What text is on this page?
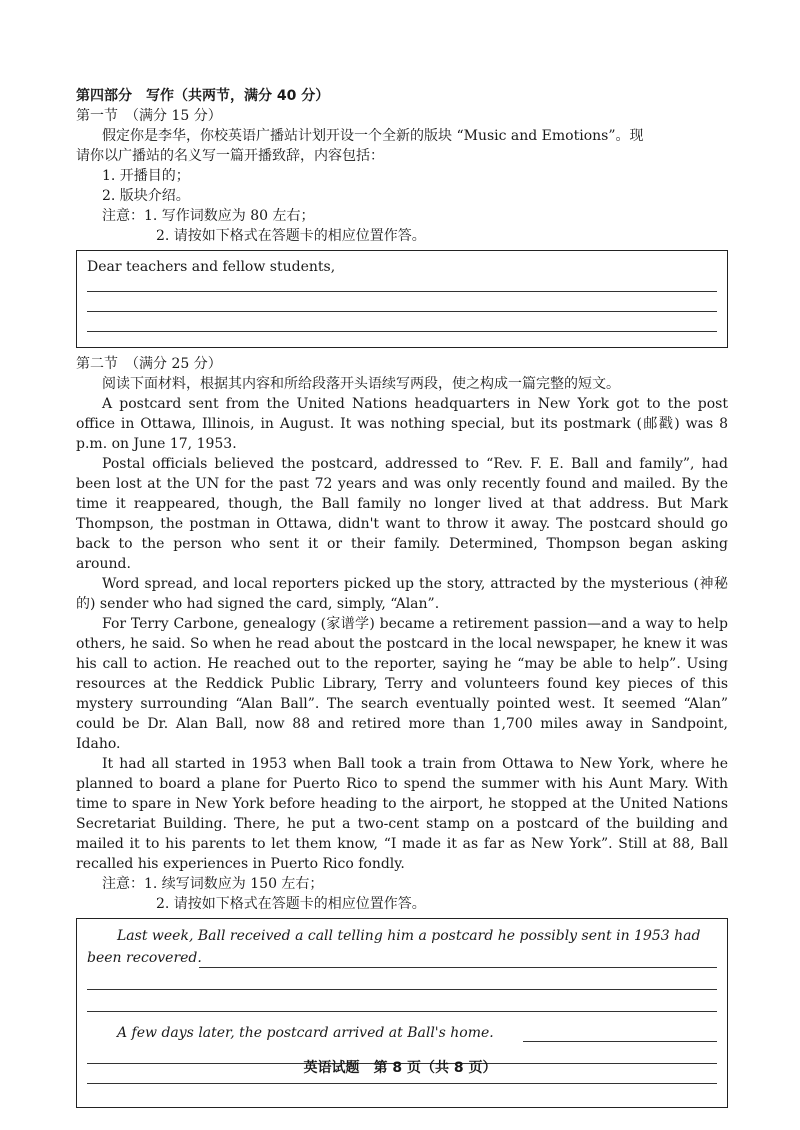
第四部分　写作（共两节，满分 40 分）
第一节　（满分 15 分）
假定你是李华，你校英语广播站计划开设一个全新的版块 “Music and Emotions”。现
请你以广播站的名义写一篇开播致辞，内容包括：
1. 开播目的；
2. 版块介绍。
注意：1. 写作词数应为 80 左右；
2. 请按如下格式在答题卡的相应位置作答。
Dear teachers and fellow students,
第二节　（满分 25 分）
阅读下面材料，根据其内容和所给段落开头语续写两段，使之构成一篇完整的短文。
A postcard sent from the United Nations headquarters in New York got to the post office in Ottawa, Illinois, in August. It was nothing special, but its postmark (邮戳) was 8 p.m. on June 17, 1953.
Postal officials believed the postcard, addressed to “Rev. F. E. Ball and family”, had been lost at the UN for the past 72 years and was only recently found and mailed. By the time it reappeared, though, the Ball family no longer lived at that address. But Mark Thompson, the postman in Ottawa, didn't want to throw it away. The postcard should go back to the person who sent it or their family. Determined, Thompson began asking around.
Word spread, and local reporters picked up the story, attracted by the mysterious (神秘的) sender who had signed the card, simply, “Alan”.
For Terry Carbone, genealogy (家谱学) became a retirement passion—and a way to help others, he said. So when he read about the postcard in the local newspaper, he knew it was his call to action. He reached out to the reporter, saying he “may be able to help”. Using resources at the Reddick Public Library, Terry and volunteers found key pieces of this mystery surrounding “Alan Ball”. The search eventually pointed west. It seemed “Alan” could be Dr. Alan Ball, now 88 and retired more than 1,700 miles away in Sandpoint, Idaho.
It had all started in 1953 when Ball took a train from Ottawa to New York, where he planned to board a plane for Puerto Rico to spend the summer with his Aunt Mary. With time to spare in New York before heading to the airport, he stopped at the United Nations Secretariat Building. There, he put a two-cent stamp on a postcard of the building and mailed it to his parents to let them know, “I made it as far as New York”. Still at 88, Ball recalled his experiences in Puerto Rico fondly.
注意：1. 续写词数应为 150 左右；
2. 请按如下格式在答题卡的相应位置作答。
Last week, Ball received a call telling him a postcard he possibly sent in 1953 had been recovered.
A few days later, the postcard arrived at Ball's home.
英语试题　第 8 页（共 8 页）
